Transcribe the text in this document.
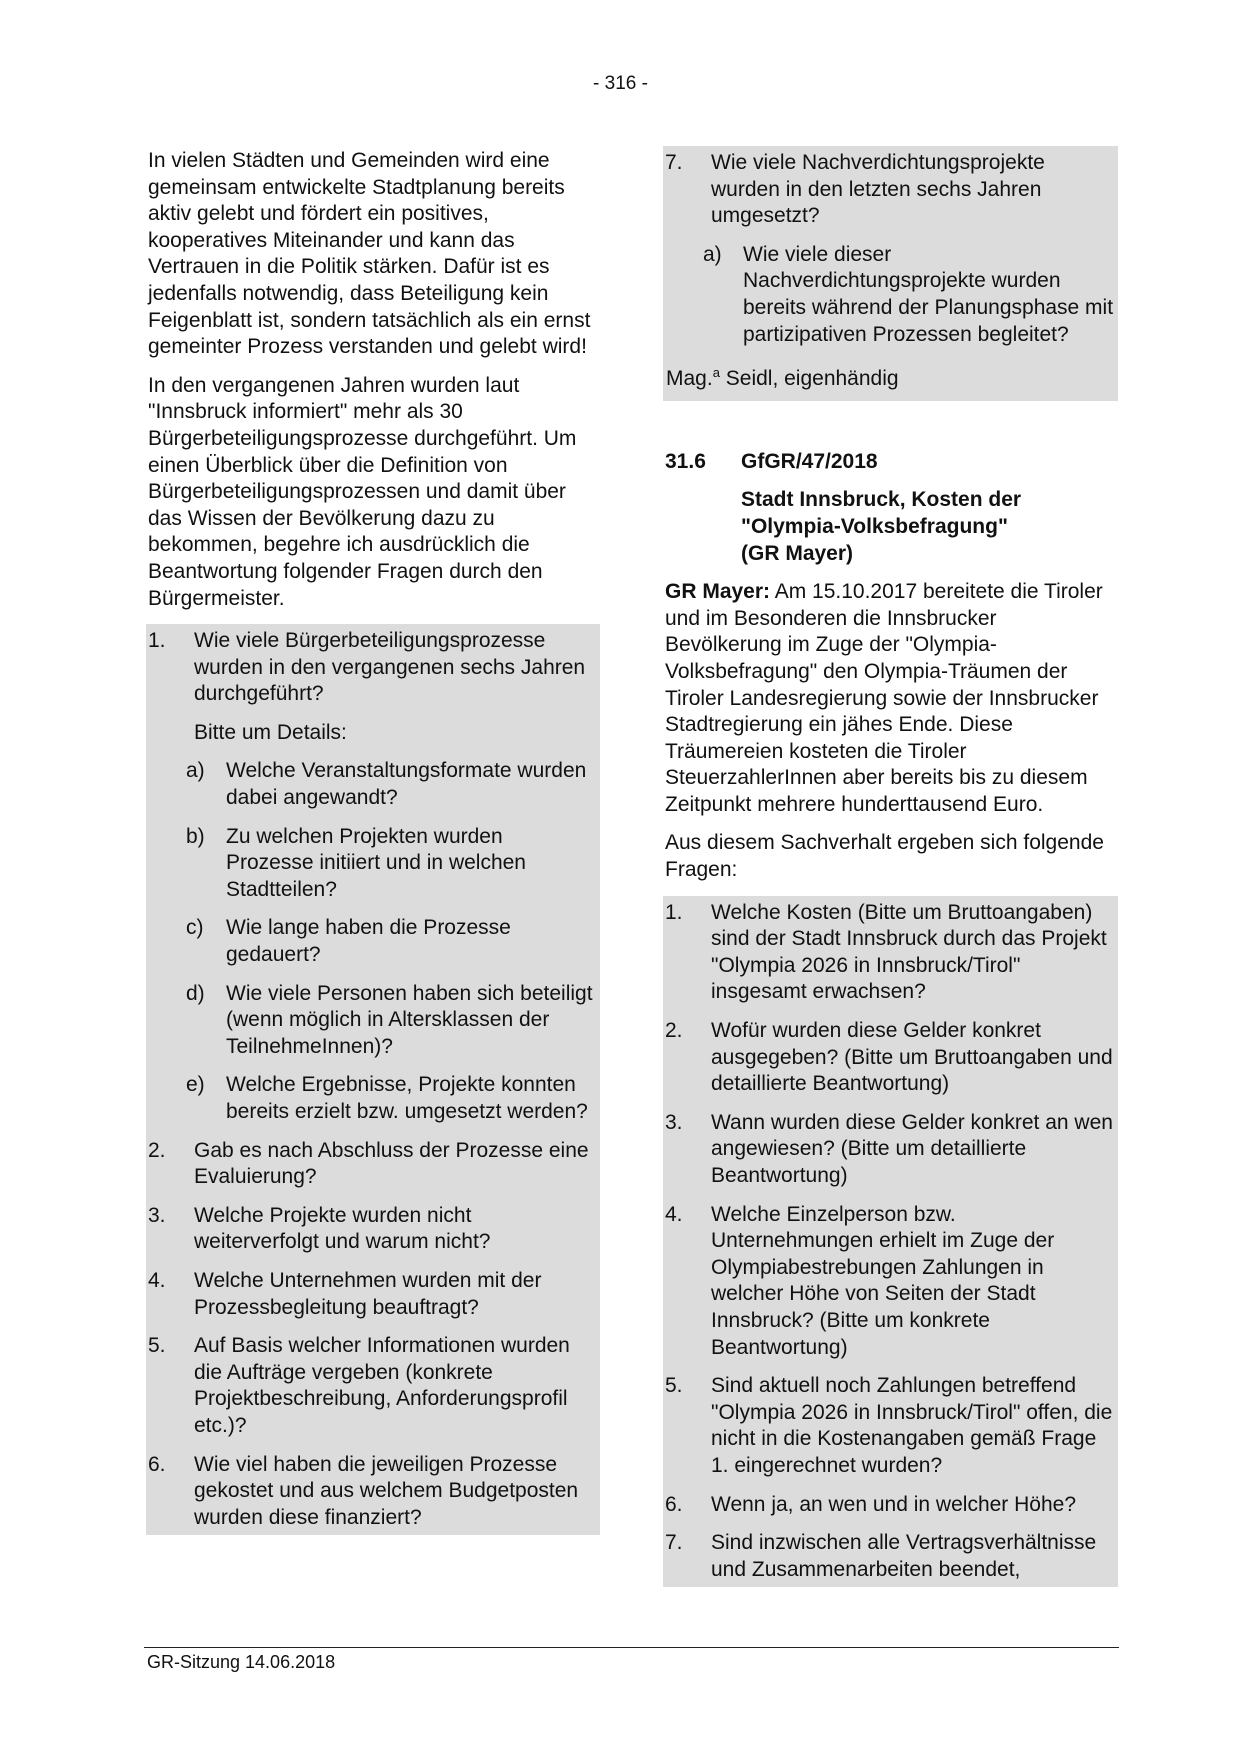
- 316 -

In vielen Städten und Gemeinden wird eine gemeinsam entwickelte Stadtplanung bereits aktiv gelebt und fördert ein positives, kooperatives Miteinander und kann das Vertrauen in die Politik stärken. Dafür ist es jedenfalls notwendig, dass Beteiligung kein Feigenblatt ist, sondern tatsächlich als ein ernst gemeinter Prozess verstanden und gelebt wird!

In den vergangenen Jahren wurden laut "Innsbruck informiert" mehr als 30 Bürgerbeteiligungsprozesse durchgeführt. Um einen Überblick über die Definition von Bürgerbeteiligungsprozessen und damit über das Wissen der Bevölkerung dazu zu bekommen, begehre ich ausdrücklich die Beantwortung folgender Fragen durch den Bürgermeister.

1.	Wie viele Bürgerbeteiligungsprozesse wurden in den vergangenen sechs Jahren durchgeführt?

Bitte um Details:

a)	Welche Veranstaltungsformate wurden dabei angewandt?
b)	Zu welchen Projekten wurden Prozesse initiiert und in welchen Stadtteilen?
c)	Wie lange haben die Prozesse gedauert?
d)	Wie viele Personen haben sich beteiligt (wenn möglich in Altersklassen der TeilnehmeInnen)?
e)	Welche Ergebnisse, Projekte konnten bereits erzielt bzw. umgesetzt werden?
2.	Gab es nach Abschluss der Prozesse eine Evaluierung?
3.	Welche Projekte wurden nicht weiterverfolgt und warum nicht?
4.	Welche Unternehmen wurden mit der Prozessbegleitung beauftragt?
5.	Auf Basis welcher Informationen wurden die Aufträge vergeben (konkrete Projektbeschreibung, Anforderungsprofil etc.)?
6.	Wie viel haben die jeweiligen Prozesse gekostet und aus welchem Budgetposten wurden diese finanziert?
7.	Wie viele Nachverdichtungsprojekte wurden in den letzten sechs Jahren umgesetzt?
a)	Wie viele dieser Nachverdichtungsprojekte wurden bereits während der Planungsphase mit partizipativen Prozessen begleitet?

Mag.$^a$ Seidl, eigenhändig

31.6	GfGR/47/2018
Stadt Innsbruck, Kosten der
"Olympia-Volksbefragung"
(GR Mayer)

GR Mayer: Am 15.10.2017 bereitete die Tiroler und im Besonderen die Innsbrucker Bevölkerung im Zuge der "Olympia-Volksbefragung" den Olympia-Träumen der Tiroler Landesregierung sowie der Innsbrucker Stadtregierung ein jähes Ende. Diese Träumereien kosteten die Tiroler SteuerzahlerInnen aber bereits bis zu diesem Zeitpunkt mehrere hunderttausend Euro.

Aus diesem Sachverhalt ergeben sich folgende Fragen:

1.	Welche Kosten (Bitte um Bruttoangaben) sind der Stadt Innsbruck durch das Projekt "Olympia 2026 in Innsbruck/Tirol" insgesamt erwachsen?
2.	Wofür wurden diese Gelder konkret ausgegeben? (Bitte um Bruttoangaben und detaillierte Beantwortung)
3.	Wann wurden diese Gelder konkret an wen angewiesen? (Bitte um detaillierte Beantwortung)
4.	Welche Einzelperson bzw. Unternehmungen erhielt im Zuge der Olympiabestrebungen Zahlungen in welcher Höhe von Seiten der Stadt Innsbruck? (Bitte um konkrete Beantwortung)
5.	Sind aktuell noch Zahlungen betreffend "Olympia 2026 in Innsbruck/Tirol" offen, die nicht in die Kostenangaben gemäß Frage 1. eingerechnet wurden?
6.	Wenn ja, an wen und in welcher Höhe?
7.	Sind inzwischen alle Vertragsverhältnisse und Zusammenarbeiten beendet,
GR-Sitzung 14.06.2018
